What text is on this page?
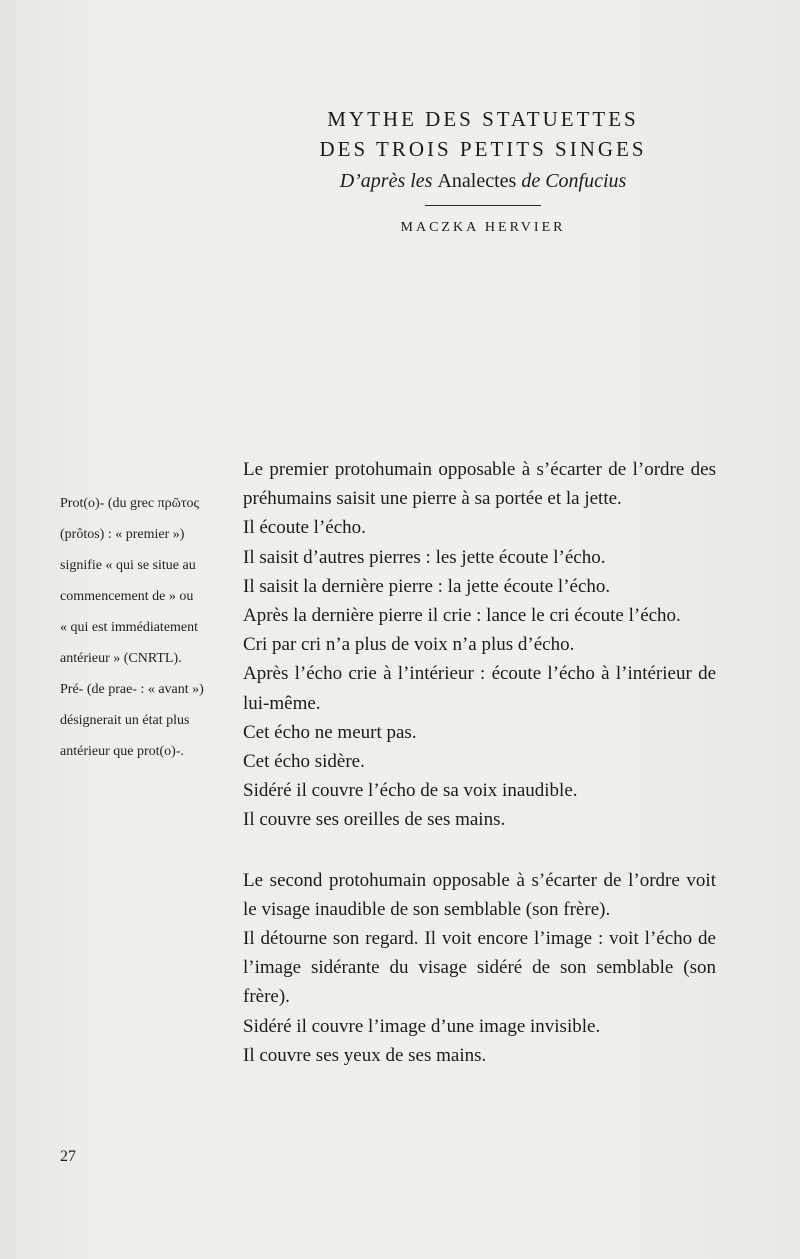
MYTHE DES STATUETTES

DES TROIS PETITS SINGES

D’après les Analectes de Confucius

MACZKA HERVIER

Prot(o)- (du grec πρῶτος

(prôtos) : « premier »)

signifie « qui se situe au

commencement de » ou

« qui est immédiatement

antérieur » (CNRTL).

Pré- (de prae- : « avant »)

désignerait un état plus

antérieur que prot(o)-.

Le premier protohumain opposable à s’écarter de l’ordre des préhumains saisit une pierre à sa portée et la jette.

Il écoute l’écho.

Il saisit d’autres pierres : les jette écoute l’écho.

Il saisit la dernière pierre : la jette écoute l’écho.

Après la dernière pierre il crie : lance le cri écoute l’écho.

Cri par cri n’a plus de voix n’a plus d’écho.

Après l’écho crie à l’intérieur : écoute l’écho à l’intérieur de lui-même.

Cet écho ne meurt pas.

Cet écho sidère.

Sidéré il couvre l’écho de sa voix inaudible.

Il couvre ses oreilles de ses mains.

Le second protohumain opposable à s’écarter de l’ordre voit le visage inaudible de son semblable (son frère).

Il détourne son regard. Il voit encore l’image : voit l’écho de l’image sidérante du visage sidéré de son semblable (son frère).

Sidéré il couvre l’image d’une image invisible.

Il couvre ses yeux de ses mains.

27
